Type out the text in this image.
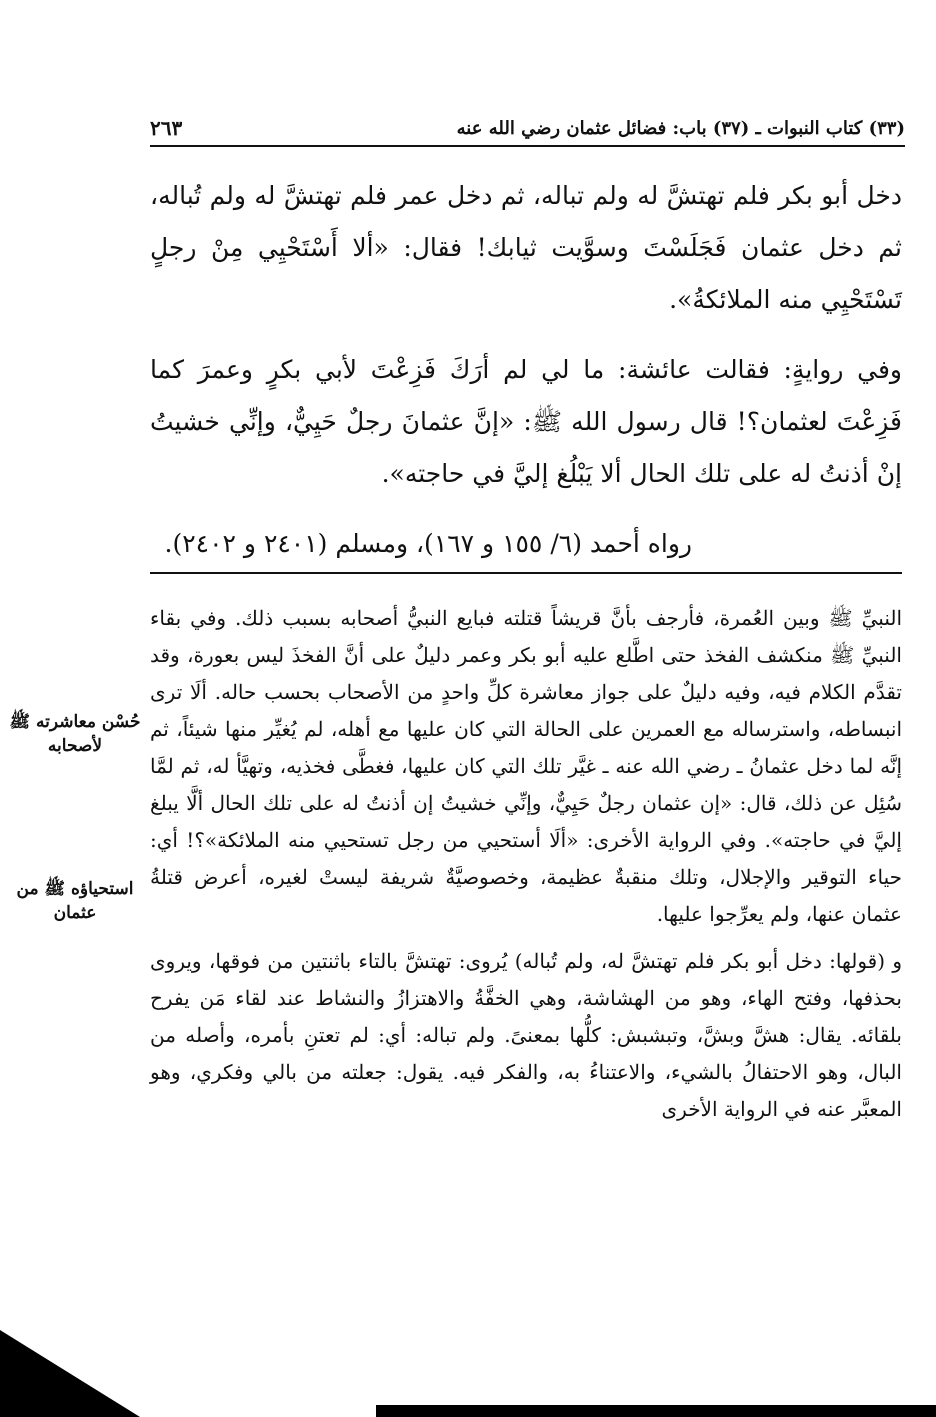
(٣٣) كتاب النبوات ـ (٣٧) باب: فضائل عثمان رضي الله عنه
٢٦٣

دخل أبو بكر فلم تهتشَّ له ولم تباله، ثم دخل عمر فلم تهتشَّ له ولم تُباله، ثم دخل عثمان فَجَلَسْتَ وسوَّيت ثيابك! فقال: «ألا أَسْتَحْيِي مِنْ رجلٍ تَسْتَحْيِي منه الملائكةُ».

وفي روايةٍ: فقالت عائشة: ما لي لم أرَكَ فَزِعْتَ لأبي بكرٍ وعمرَ كما فَزِعْتَ لعثمان؟! قال رسول الله ﷺ: «إنَّ عثمانَ رجلٌ حَيِيٌّ، وإنِّي خشيتُ إنْ أذنتُ له على تلك الحال ألا يَبْلُغ إليَّ في حاجته».

رواه أحمد (٦/ ١٥٥ و ١٦٧)، ومسلم (٢٤٠١ و ٢٤٠٢).

النبيِّ ﷺ وبين العُمرة، فأرجف بأنَّ قريشاً قتلته فبايع النبيُّ أصحابه بسبب ذلك. وفي بقاء النبيِّ ﷺ منكشف الفخذ حتى اطَّلع عليه أبو بكر وعمر دليلٌ على أنَّ الفخذَ ليس بعورة، وقد تقدَّم الكلام فيه، وفيه دليلٌ على جواز معاشرة كلِّ واحدٍ من الأصحاب بحسب حاله. ألَا ترى انبساطه، واسترساله مع العمرين على الحالة التي كان عليها مع أهله، لم يُغيِّر منها شيئاً، ثم إنَّه لما دخل عثمانُ ـ رضي الله عنه ـ غيَّر تلك التي كان عليها، فغطَّى فخذيه، وتهيَّأ له، ثم لمَّا سُئِل عن ذلك، قال: «إن عثمان رجلٌ حَيِيٌّ، وإنِّي خشيتُ إن أذنتُ له على تلك الحال ألَّا يبلغ إليَّ في حاجته». وفي الرواية الأخرى: «ألَا أستحيي من رجل تستحيي منه الملائكة»؟! أي: حياء التوقير والإجلال، وتلك منقبةٌ عظيمة، وخصوصيَّةٌ شريفة ليستْ لغيره، أعرض قتلةُ عثمان عنها، ولم يعرِّجوا عليها.

و (قولها: دخل أبو بكر فلم تهتشَّ له، ولم تُباله) يُروى: تهتشَّ بالتاء باثنتين من فوقها، ويروى بحذفها، وفتح الهاء، وهو من الهشاشة، وهي الخفَّةُ والاهتزازُ والنشاط عند لقاء مَن يفرح بلقائه. يقال: هشَّ وبشَّ، وتبشبش: كلُّها بمعنىً. ولم تباله: أي: لم تعتنِ بأمره، وأصله من البال، وهو الاحتفالُ بالشيء، والاعتناءُ به، والفكر فيه. يقول: جعلته من بالي وفكري، وهو المعبَّر عنه في الرواية الأخرى

حُسْن معاشرته ﷺ لأصحابه
استحياؤه ﷺ من عثمان
